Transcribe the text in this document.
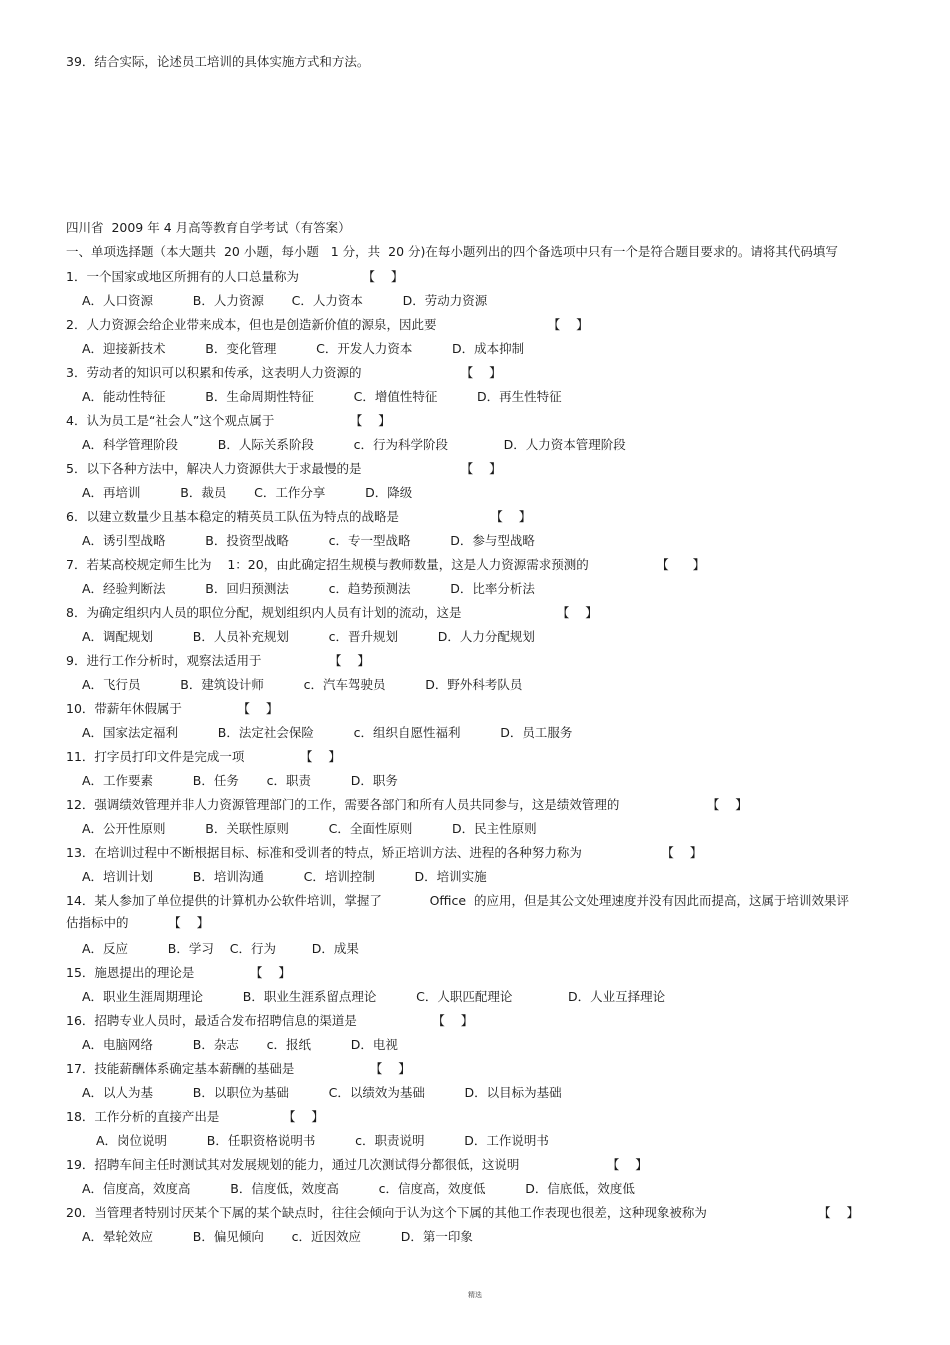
39．结合实际，论述员工培训的具体实施方式和方法。
四川省  2009 年 4 月高等教育自学考试（有答案）
一、单项选择题（本大题共  20 小题，每小题   1 分，共  20 分)在每小题列出的四个备选项中只有一个是符合题目要求的。请将其代码填写
1．一个国家或地区所拥有的人口总量称为                【    】
A．人口资源          B．人力资源       C．人力资本          D．劳动力资源
2．人力资源会给企业带来成本，但也是创造新价值的源泉，因此要                            【    】
A．迎接新技术          B．变化管理          C．开发人力资本          D．成本抑制
3．劳动者的知识可以积累和传承，这表明人力资源的                         【    】
A．能动性特征          B．生命周期性特征          C．增值性特征          D．再生性特征
4．认为员工是“社会人”这个观点属于                   【    】
A．科学管理阶段          B．人际关系阶段          c．行为科学阶段              D．人力资本管理阶段
5．以下各种方法中，解决人力资源供大于求最慢的是                         【    】
A．再培训          B．裁员       C．工作分享          D．降级
6．以建立数量少且基本稳定的精英员工队伍为特点的战略是                       【    】
A．诱引型战略          B．投资型战略          c．专一型战略          D．参与型战略
7．若某高校规定师生比为    1：20，由此确定招生规模与教师数量，这是人力资源需求预测的                 【      】
A．经验判断法          B．回归预测法          c．趋势预测法          D．比率分析法
8．为确定组织内人员的职位分配，规划组织内人员有计划的流动，这是                        【    】
A．调配规划          B．人员补充规划          c．晋升规划          D．人力分配规划
9．进行工作分析时，观察法适用于                 【    】
A．飞行员          B．建筑设计师          c．汽车驾驶员          D．野外科考队员
10．带薪年休假属于              【    】
A．国家法定福利          B．法定社会保险          c．组织自愿性福利          D．员工服务
11．打字员打印文件是完成一项              【    】
A．工作要素          B．任务       c．职责          D．职务
12．强调绩效管理并非人力资源管理部门的工作，需要各部门和所有人员共同参与，这是绩效管理的                      【    】
A．公开性原则          B．关联性原则          C．全面性原则          D．民主性原则
13．在培训过程中不断根据目标、标准和受训者的特点，矫正培训方法、进程的各种努力称为                    【    】
A．培训计划          B．培训沟通          C．培训控制          D．培训实施
14．某人参加了单位提供的计算机办公软件培训，掌握了            Office  的应用，但是其公文处理速度并没有因此而提高，这属于培训效果评
估指标中的          【    】
A．反应          B．学习    C．行为         D．成果
15．施恩提出的理论是              【    】
A．职业生涯周期理论          B．职业生涯系留点理论          C．人职匹配理论              D．人业互择理论
16．招聘专业人员时，最适合发布招聘信息的渠道是                   【    】
A．电脑网络          B．杂志       c．报纸          D．电视
17．技能薪酬体系确定基本薪酬的基础是                   【    】
A．以人为基          B．以职位为基础          C．以绩效为基础          D．以目标为基础
18．工作分析的直接产出是                【    】
A．岗位说明          B．任职资格说明书          c．职责说明          D．工作说明书
19．招聘车间主任时测试其对发展规划的能力，通过几次测试得分都很低，这说明                      【    】
A．信度高，效度高          B．信度低，效度高          c．信度高，效度低          D．信底低，效度低
20．当管理者特别讨厌某个下属的某个缺点时，往往会倾向于认为这个下属的其他工作表现也很差，这种现象被称为                            【    】
A．晕轮效应          B．偏见倾向       c．近因效应          D．第一印象
精选
